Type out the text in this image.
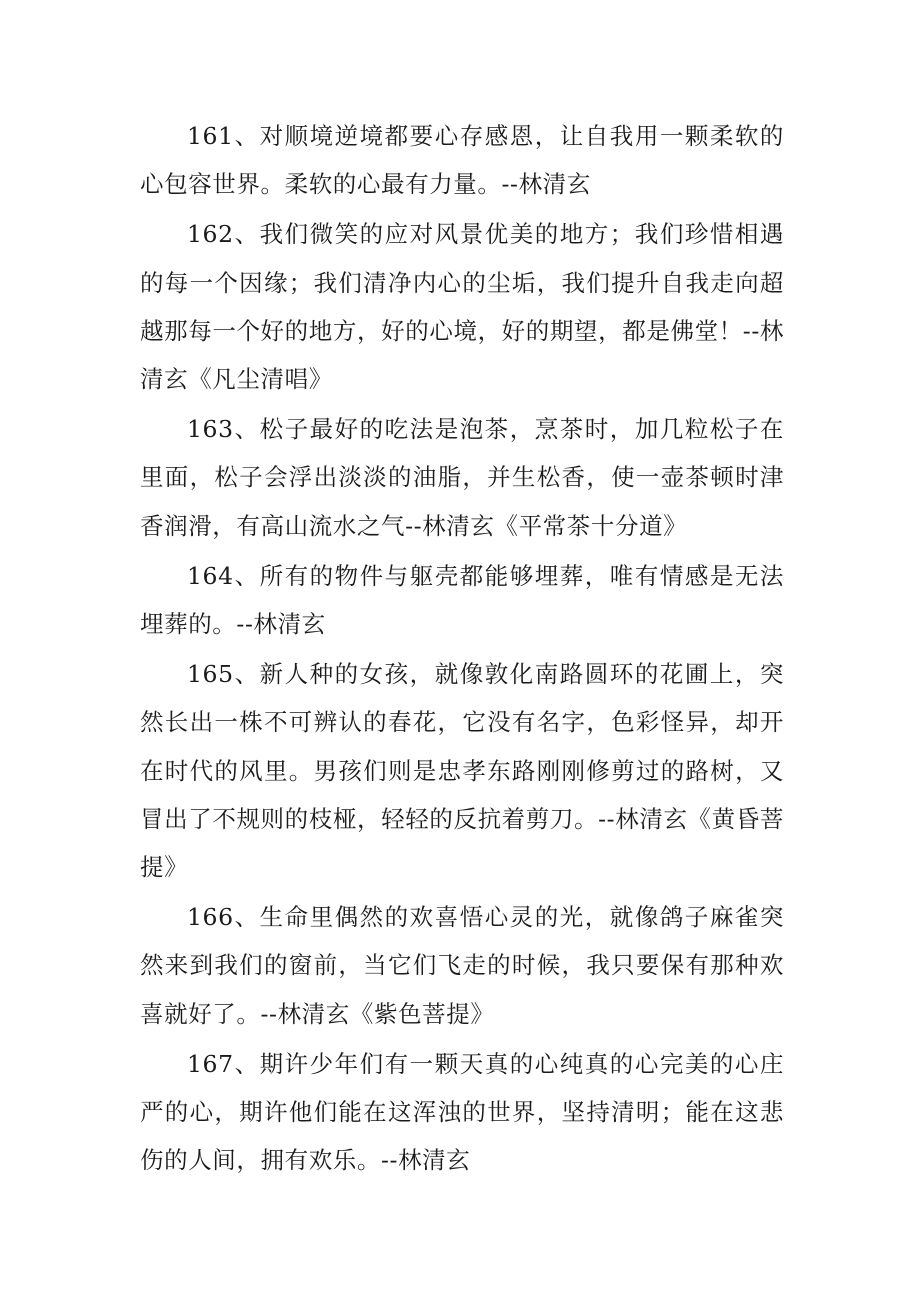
161、对顺境逆境都要心存感恩，让自我用一颗柔软的心包容世界。柔软的心最有力量。--林清玄

162、我们微笑的应对风景优美的地方；我们珍惜相遇的每一个因缘；我们清净内心的尘垢，我们提升自我走向超越那每一个好的地方，好的心境，好的期望，都是佛堂！--林清玄《凡尘清唱》

163、松子最好的吃法是泡茶，烹茶时，加几粒松子在里面，松子会浮出淡淡的油脂，并生松香，使一壶茶顿时津香润滑，有高山流水之气--林清玄《平常茶十分道》

164、所有的物件与躯壳都能够埋葬，唯有情感是无法埋葬的。--林清玄

165、新人种的女孩，就像敦化南路圆环的花圃上，突然长出一株不可辨认的春花，它没有名字，色彩怪异，却开在时代的风里。男孩们则是忠孝东路刚刚修剪过的路树，又冒出了不规则的枝桠，轻轻的反抗着剪刀。--林清玄《黄昏菩提》

166、生命里偶然的欢喜悟心灵的光，就像鸽子麻雀突然来到我们的窗前，当它们飞走的时候，我只要保有那种欢喜就好了。--林清玄《紫色菩提》

167、期许少年们有一颗天真的心纯真的心完美的心庄严的心，期许他们能在这浑浊的世界，坚持清明；能在这悲伤的人间，拥有欢乐。--林清玄
